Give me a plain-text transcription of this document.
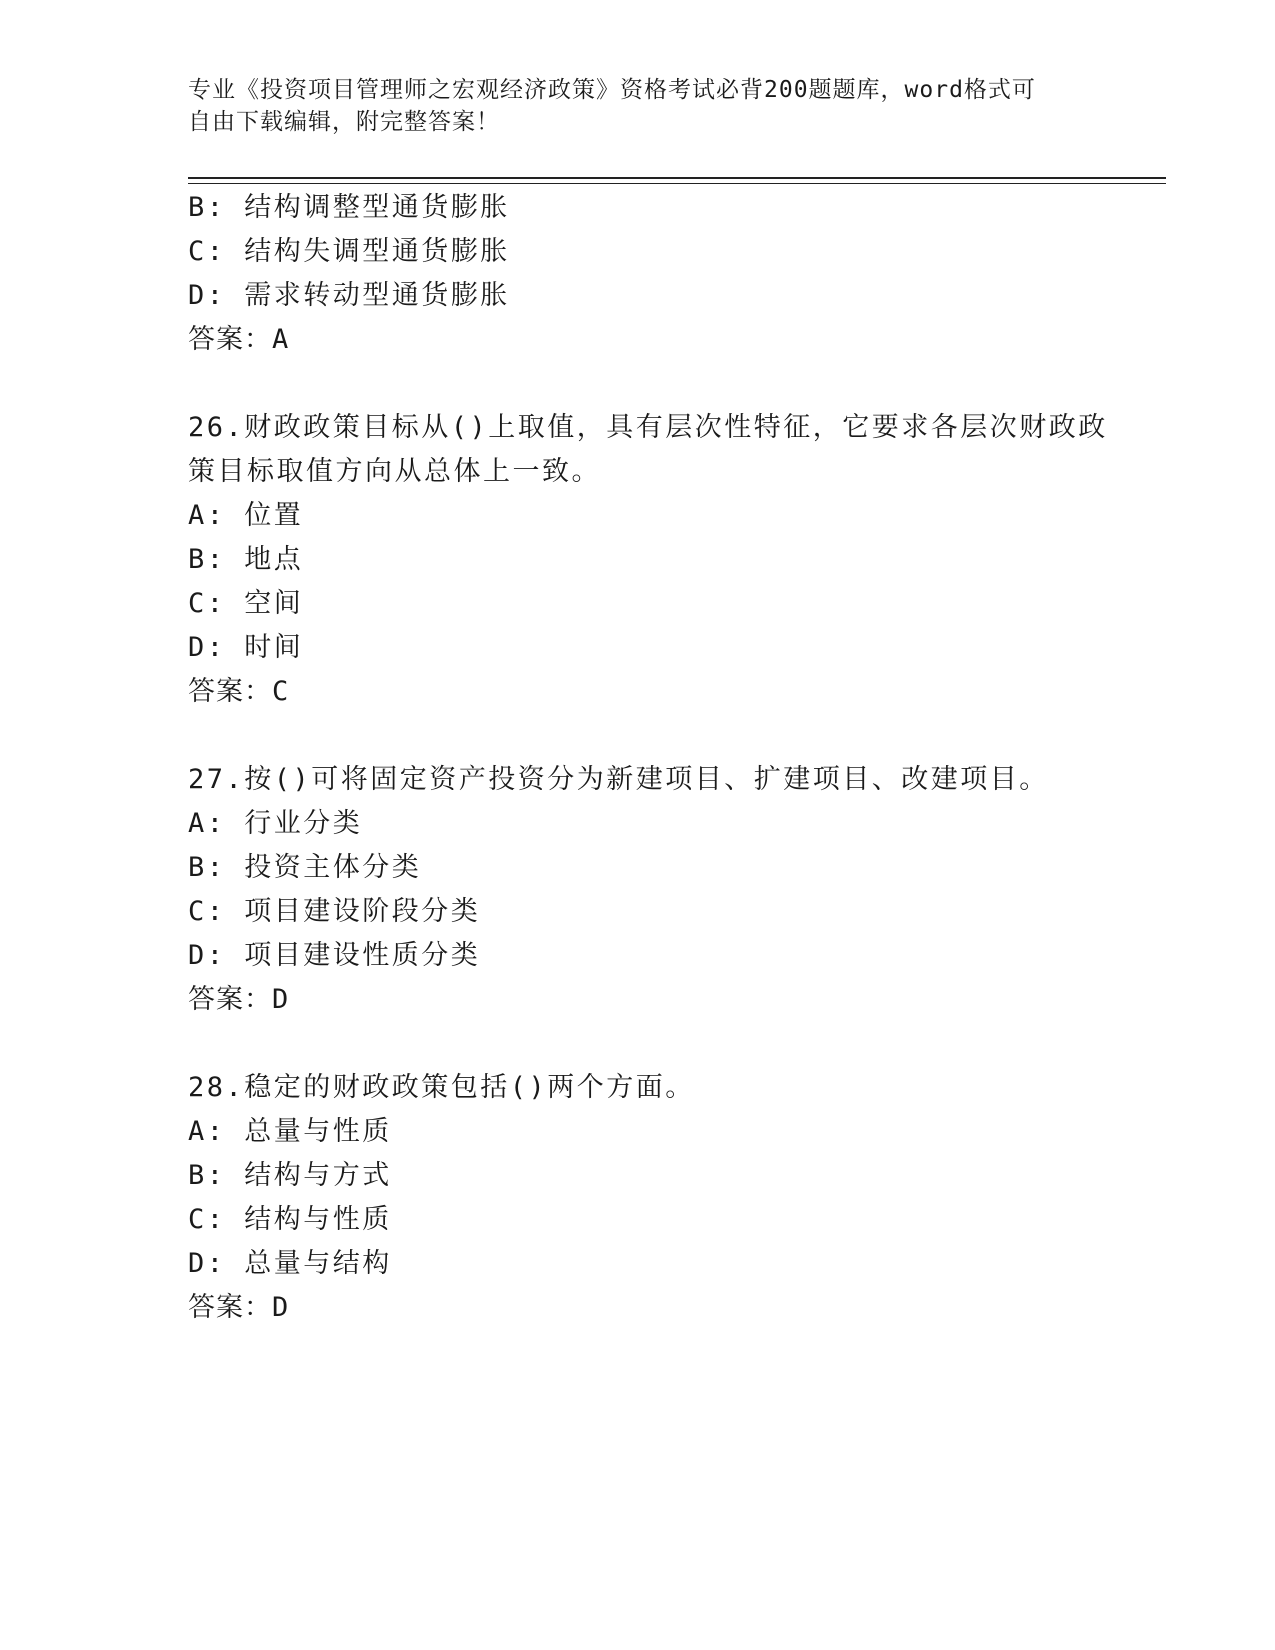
专业《投资项目管理师之宏观经济政策》资格考试必背200题题库，word格式可
自由下载编辑，附完整答案！
B: 结构调整型通货膨胀
C: 结构失调型通货膨胀
D: 需求转动型通货膨胀
答案：A
26.财政政策目标从()上取值，具有层次性特征，它要求各层次财政政
策目标取值方向从总体上一致。
A: 位置
B: 地点
C: 空间
D: 时间
答案：C
27.按()可将固定资产投资分为新建项目、扩建项目、改建项目。
A: 行业分类
B: 投资主体分类
C: 项目建设阶段分类
D: 项目建设性质分类
答案：D
28.稳定的财政政策包括()两个方面。
A: 总量与性质
B: 结构与方式
C: 结构与性质
D: 总量与结构
答案：D
